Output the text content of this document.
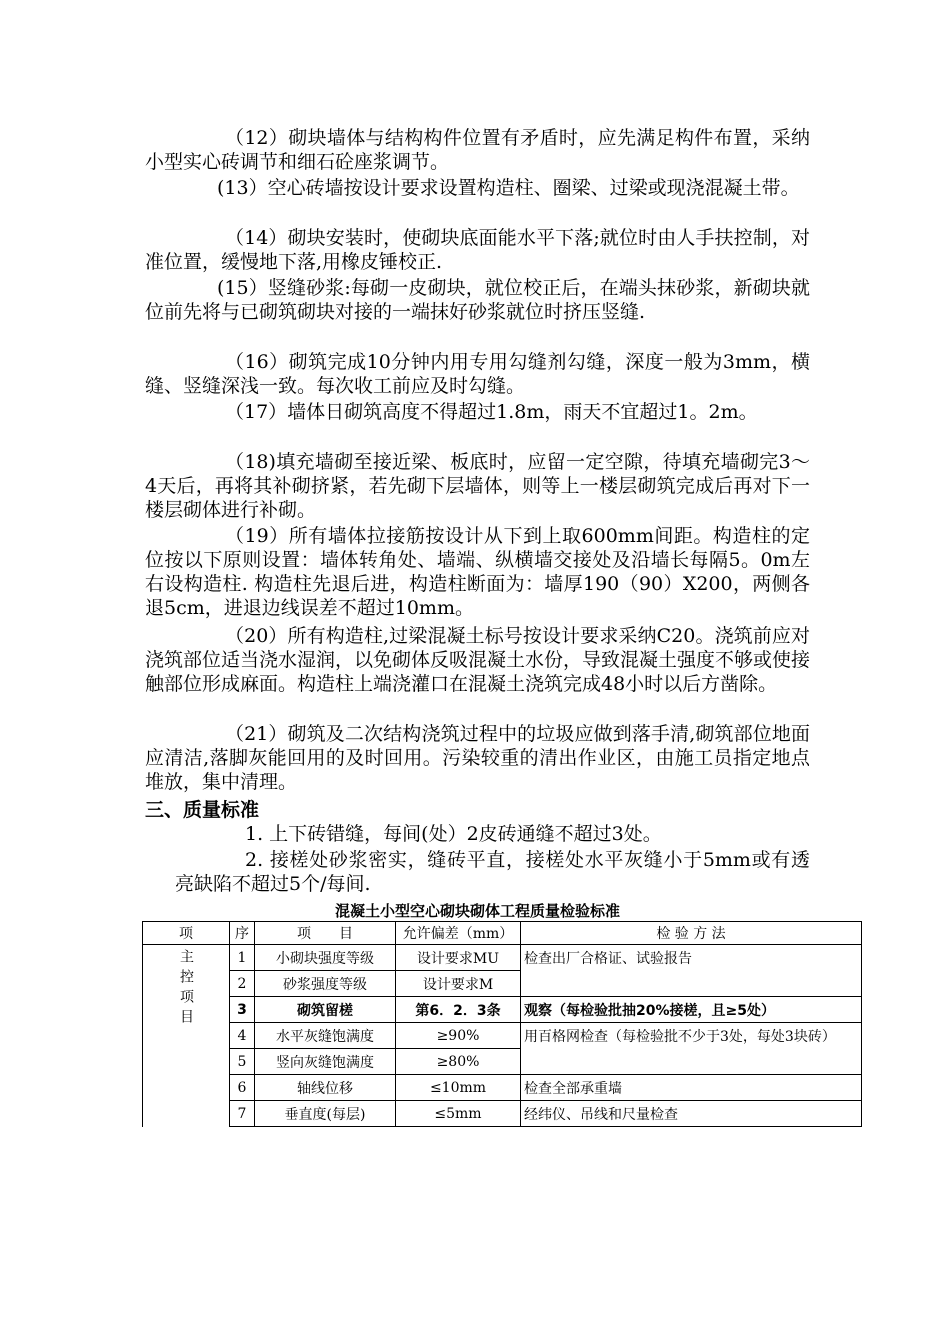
（12）砌块墙体与结构构件位置有矛盾时，应先满足构件布置，采纳小型实心砖调节和细石砼座浆调节。

(13）空心砖墙按设计要求设置构造柱、圈梁、过梁或现浇混凝土带。

（14）砌块安装时，使砌块底面能水平下落;就位时由人手扶控制，对准位置，缓慢地下落,用橡皮锤校正.

(15）竖缝砂浆:每砌一皮砌块，就位校正后，在端头抹砂浆，新砌块就位前先将与已砌筑砌块对接的一端抹好砂浆就位时挤压竖缝.

（16）砌筑完成10分钟内用专用勾缝剂勾缝，深度一般为3mm，横缝、竖缝深浅一致。每次收工前应及时勾缝。

（17）墙体日砌筑高度不得超过1.8m，雨天不宜超过1。2m。

（18)填充墙砌至接近梁、板底时，应留一定空隙，待填充墙砌完3～4天后，再将其补砌挤紧，若先砌下层墙体，则等上一楼层砌筑完成后再对下一楼层砌体进行补砌。

（19）所有墙体拉接筋按设计从下到上取600mm间距。构造柱的定位按以下原则设置：墙体转角处、墙端、纵横墙交接处及沿墙长每隔5。0m左右设构造柱. 构造柱先退后进，构造柱断面为：墙厚190（90）X200，两侧各退5cm，进退边线误差不超过10mm。

（20）所有构造柱,过梁混凝土标号按设计要求采纳C20。浇筑前应对浇筑部位适当浇水湿润，以免砌体反吸混凝土水份，导致混凝土强度不够或使接触部位形成麻面。构造柱上端浇灌口在混凝土浇筑完成48小时以后方凿除。

（21）砌筑及二次结构浇筑过程中的垃圾应做到落手清,砌筑部位地面应清洁,落脚灰能回用的及时回用。污染较重的清出作业区，由施工员指定地点堆放，集中清理。

三、质量标准

1. 上下砖错缝，每间(处）2皮砖通缝不超过3处。

2. 接槎处砂浆密实，缝砖平直，接槎处水平灰缝小于5mm或有透亮缺陷不超过5个/每间.

混凝土小型空心砌块砌体工程质量检验标准
项	序	项　　目	允许偏差（mm）	检 验 方 法
主控项目	1	小砌块强度等级	设计要求MU	检查出厂合格证、试验报告
	2	砂浆强度等级	设计要求M	
	3	砌筑留槎	第6．2．3条	观察（每检验批抽20%接槎，且≥5处）
	4	水平灰缝饱满度	≥90%	用百格网检查（每检验批不少于3处，每处3块砖）
	5	竖向灰缝饱满度	≥80%	
	6	轴线位移	≤10mm	检查全部承重墙
	7	垂直度(每层)	≤5mm	经纬仪、吊线和尺量检查
